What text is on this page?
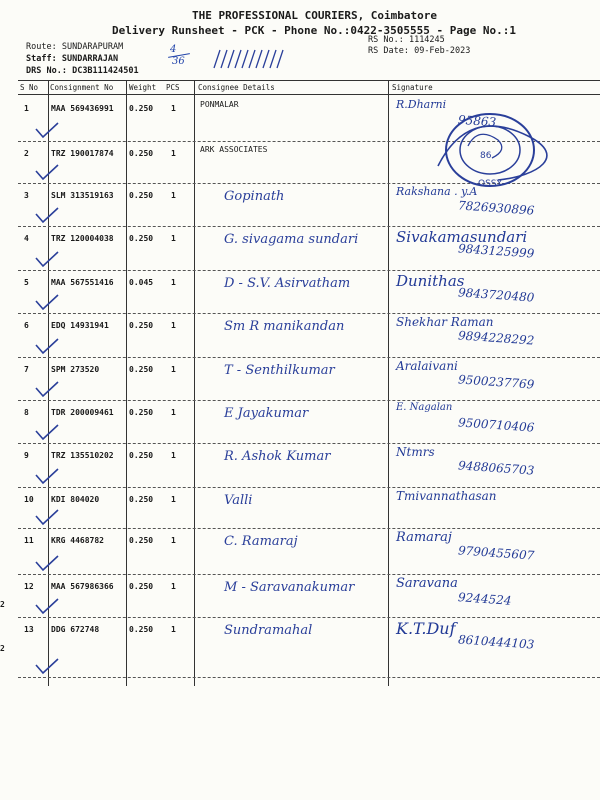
THE PROFESSIONAL COURIERS, Coimbatore
Delivery Runsheet - PCK - Phone No.:0422-3505555 - Page No.:1
Route: SUNDARAPURAM
Staff: SUNDARRAJAN
DRS No.: DC3B111424501
RS No.: 1114245
RS Date: 09-Feb-2023
4
36
S No Consignment No Weight PCS Consignee Details	Signature
1	MAA 569436991 0.250 1	PONMALAR	R.Dharni
95863
2	TRZ 190017874 0.250 1	ARK ASSOCIATES
3	SLM 313519163 0.250 1	Gopinath	Rakshana . y.A
7826930896
4	TRZ 120004038 0.250 1	G. sivagama sundari	Sivakamasundari
9843125999
5	MAA 567551416 0.045 1	D - S.V. Asirvatham	Dunithas
9843720480
6	EDQ 14931941	0.250 1	Sm R manikandan	Shekhar Raman
9894228292
7	SPM 273520	0.250 1	T - Senthilkumar	Aralaivani
9500237769
8	TDR 200009461 0.250 1	E Jayakumar	E. Nagalan
9500710406
9	TRZ 135510202 0.250 1	R. Ashok Kumar	Ntmrs
9488065703
10 KDI 804020	0.250 1	Valli	Tmivannathasan
11 KRG 4468782	0.250 1	C. Ramaraj	Ramaraj
9790455607
12 MAA 567986366 0.250 1	M - Saravanakumar	Saravana
9244524
13 DDG 672748	0.250 1	Sundramahal	K.T.Duf
8610444103
86
OSSY
2
2
